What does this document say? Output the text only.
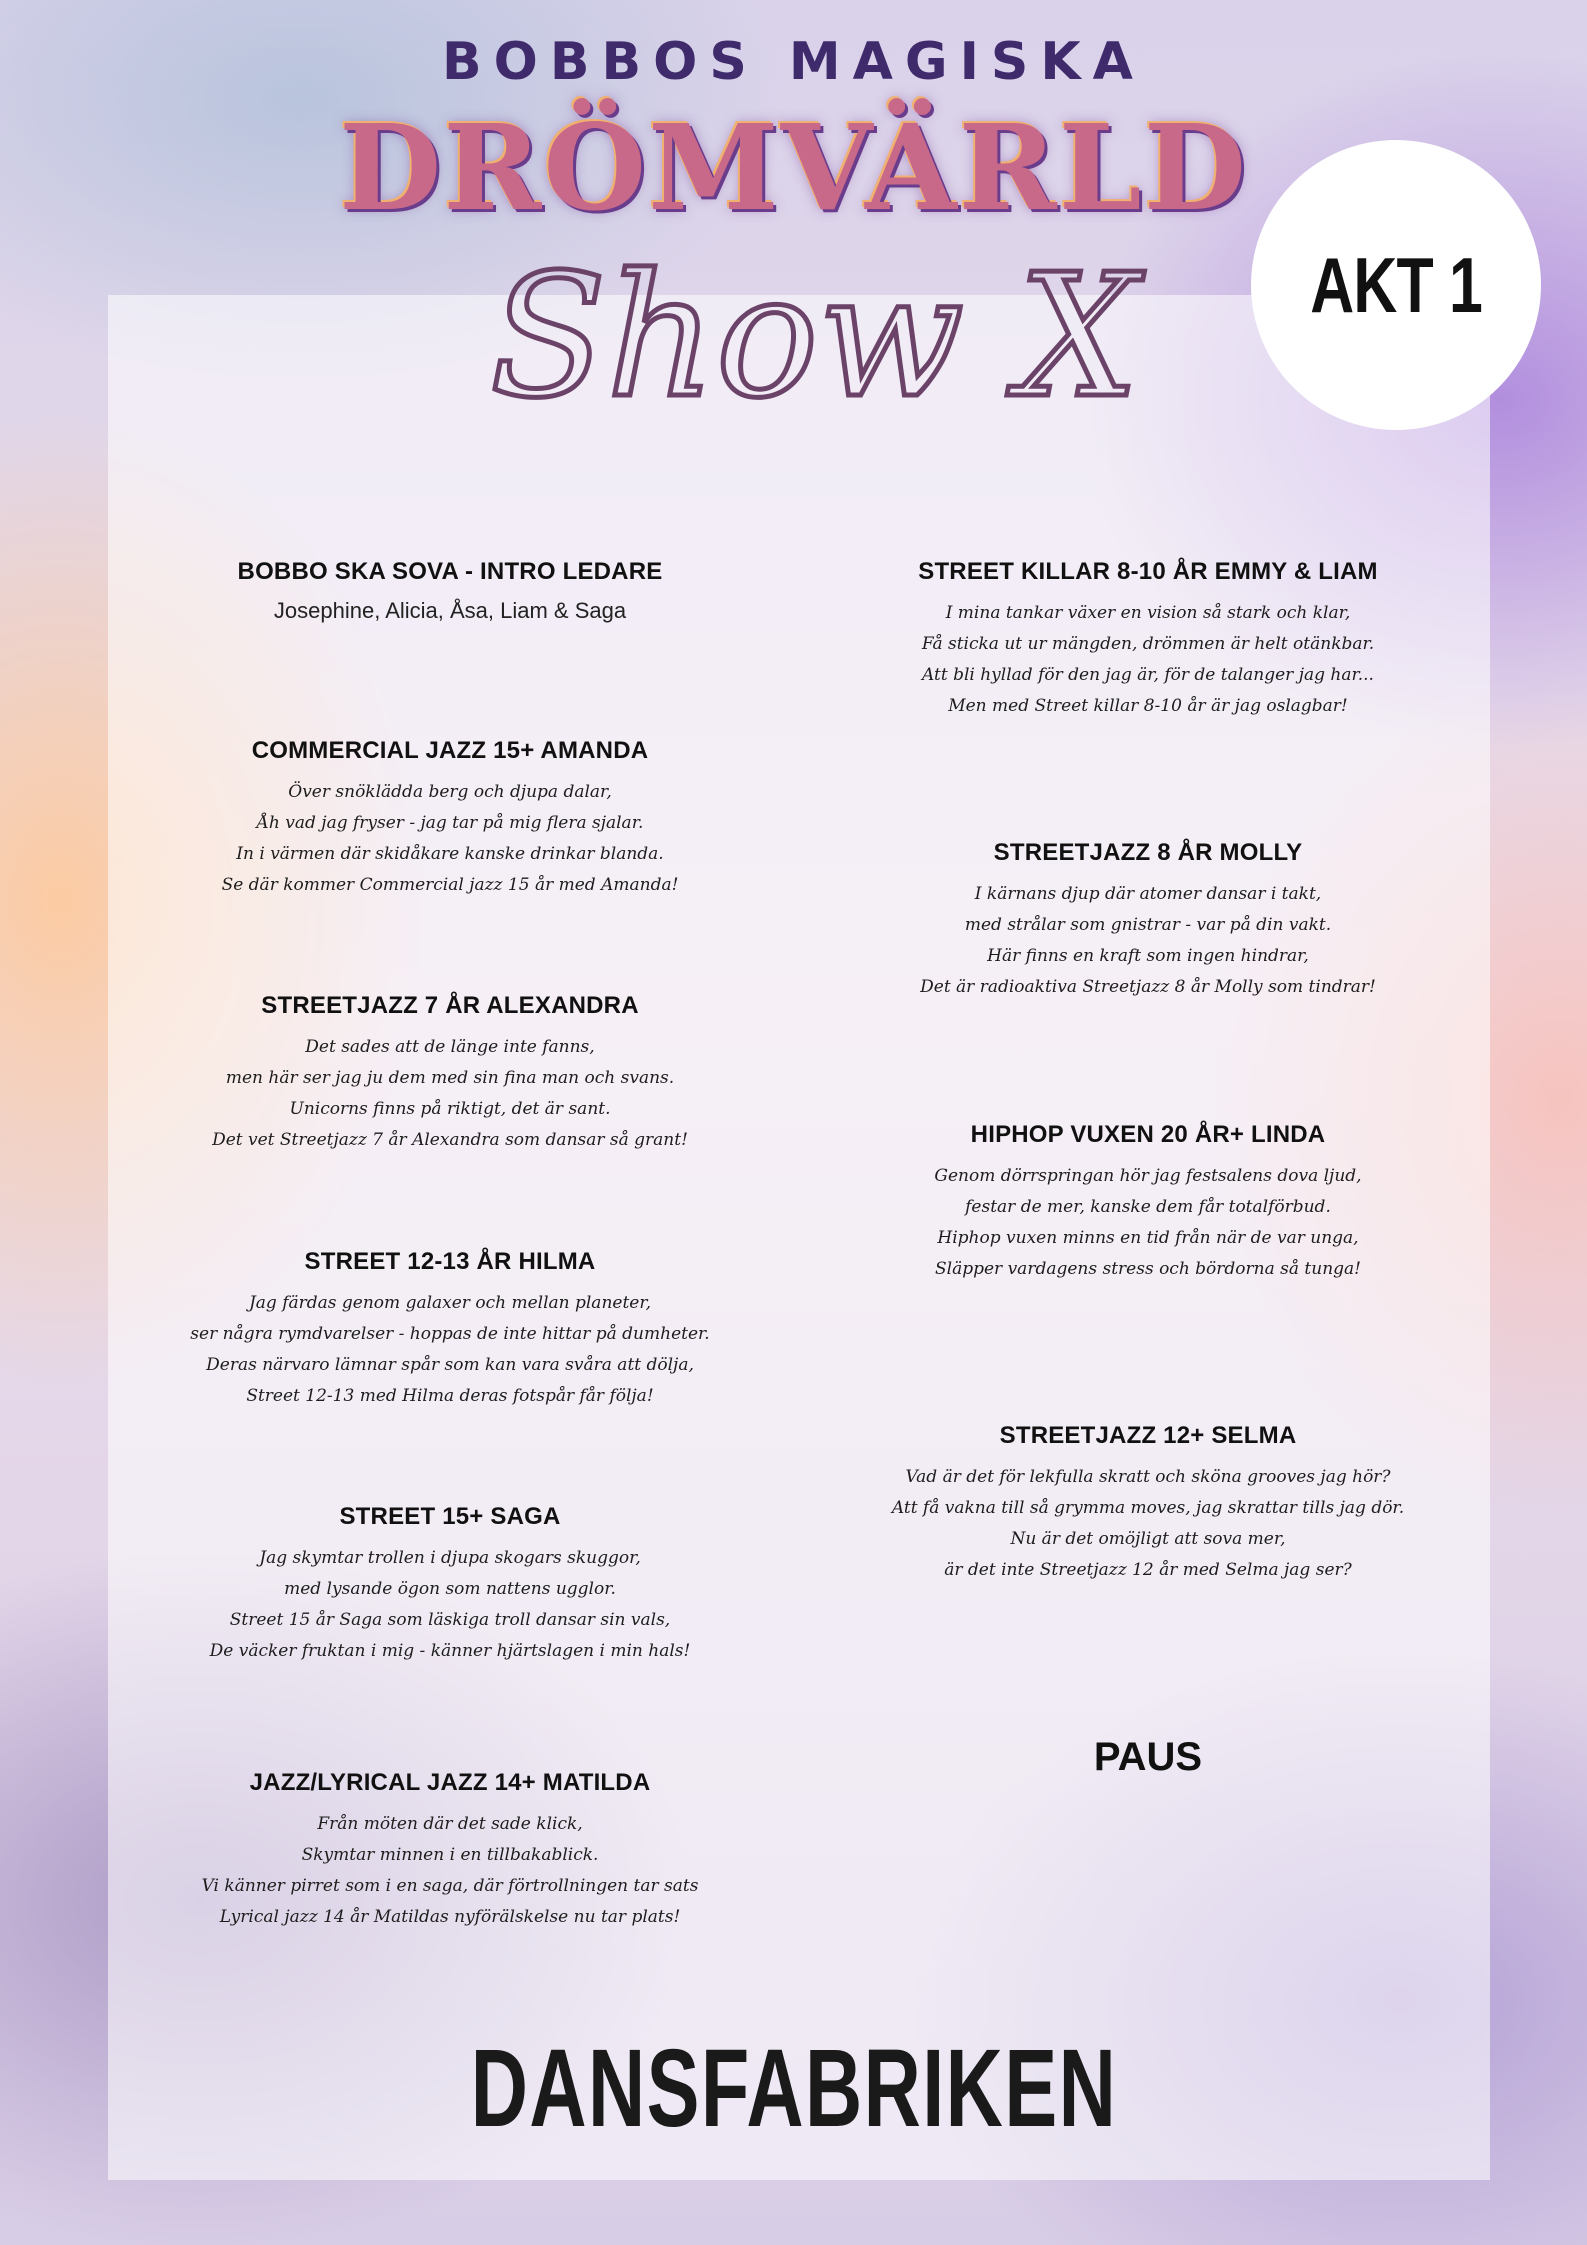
BOBBOS MAGISKA
DRÖMVÄRLD
Show X AKT 1
BOBBO SKA SOVA - INTRO LEDARE
Josephine, Alicia, Åsa, Liam & Saga
COMMERCIAL JAZZ 15+ AMANDA
Över snöklädda berg och djupa dalar,
Åh vad jag fryser - jag tar på mig flera sjalar.
In i värmen där skidåkare kanske drinkar blanda.
Se där kommer Commercial jazz 15 år med Amanda!
STREETJAZZ 7 ÅR ALEXANDRA
Det sades att de länge inte fanns,
men här ser jag ju dem med sin fina man och svans.
Unicorns finns på riktigt, det är sant.
Det vet Streetjazz 7 år Alexandra som dansar så grant!
STREET 12-13 ÅR HILMA
Jag färdas genom galaxer och mellan planeter,
ser några rymdvarelser - hoppas de inte hittar på dumheter.
Deras närvaro lämnar spår som kan vara svåra att dölja,
Street 12-13 med Hilma deras fotspår får följa!
STREET 15+ SAGA
Jag skymtar trollen i djupa skogars skuggor,
med lysande ögon som nattens ugglor.
Street 15 år Saga som läskiga troll dansar sin vals,
De väcker fruktan i mig - känner hjärtslagen i min hals!
JAZZ/LYRICAL JAZZ 14+ MATILDA
Från möten där det sade klick,
Skymtar minnen i en tillbakablick.
Vi känner pirret som i en saga, där förtrollningen tar sats
Lyrical jazz 14 år Matildas nyförälskelse nu tar plats!
STREET KILLAR 8-10 ÅR EMMY & LIAM
I mina tankar växer en vision så stark och klar,
Få sticka ut ur mängden, drömmen är helt otänkbar.
Att bli hyllad för den jag är, för de talanger jag har...
Men med Street killar 8-10 år är jag oslagbar!
STREETJAZZ 8 ÅR MOLLY
I kärnans djup där atomer dansar i takt,
med strålar som gnistrar - var på din vakt.
Här finns en kraft som ingen hindrar,
Det är radioaktiva Streetjazz 8 år Molly som tindrar!
HIPHOP VUXEN 20 ÅR+ LINDA
Genom dörrspringan hör jag festsalens dova ljud,
festar de mer, kanske dem får totalförbud.
Hiphop vuxen minns en tid från när de var unga,
Släpper vardagens stress och bördorna så tunga!
STREETJAZZ 12+ SELMA
Vad är det för lekfulla skratt och sköna grooves jag hör?
Att få vakna till så grymma moves, jag skrattar tills jag dör.
Nu är det omöjligt att sova mer,
är det inte Streetjazz 12 år med Selma jag ser?
PAUS
DANSFABRIKEN
